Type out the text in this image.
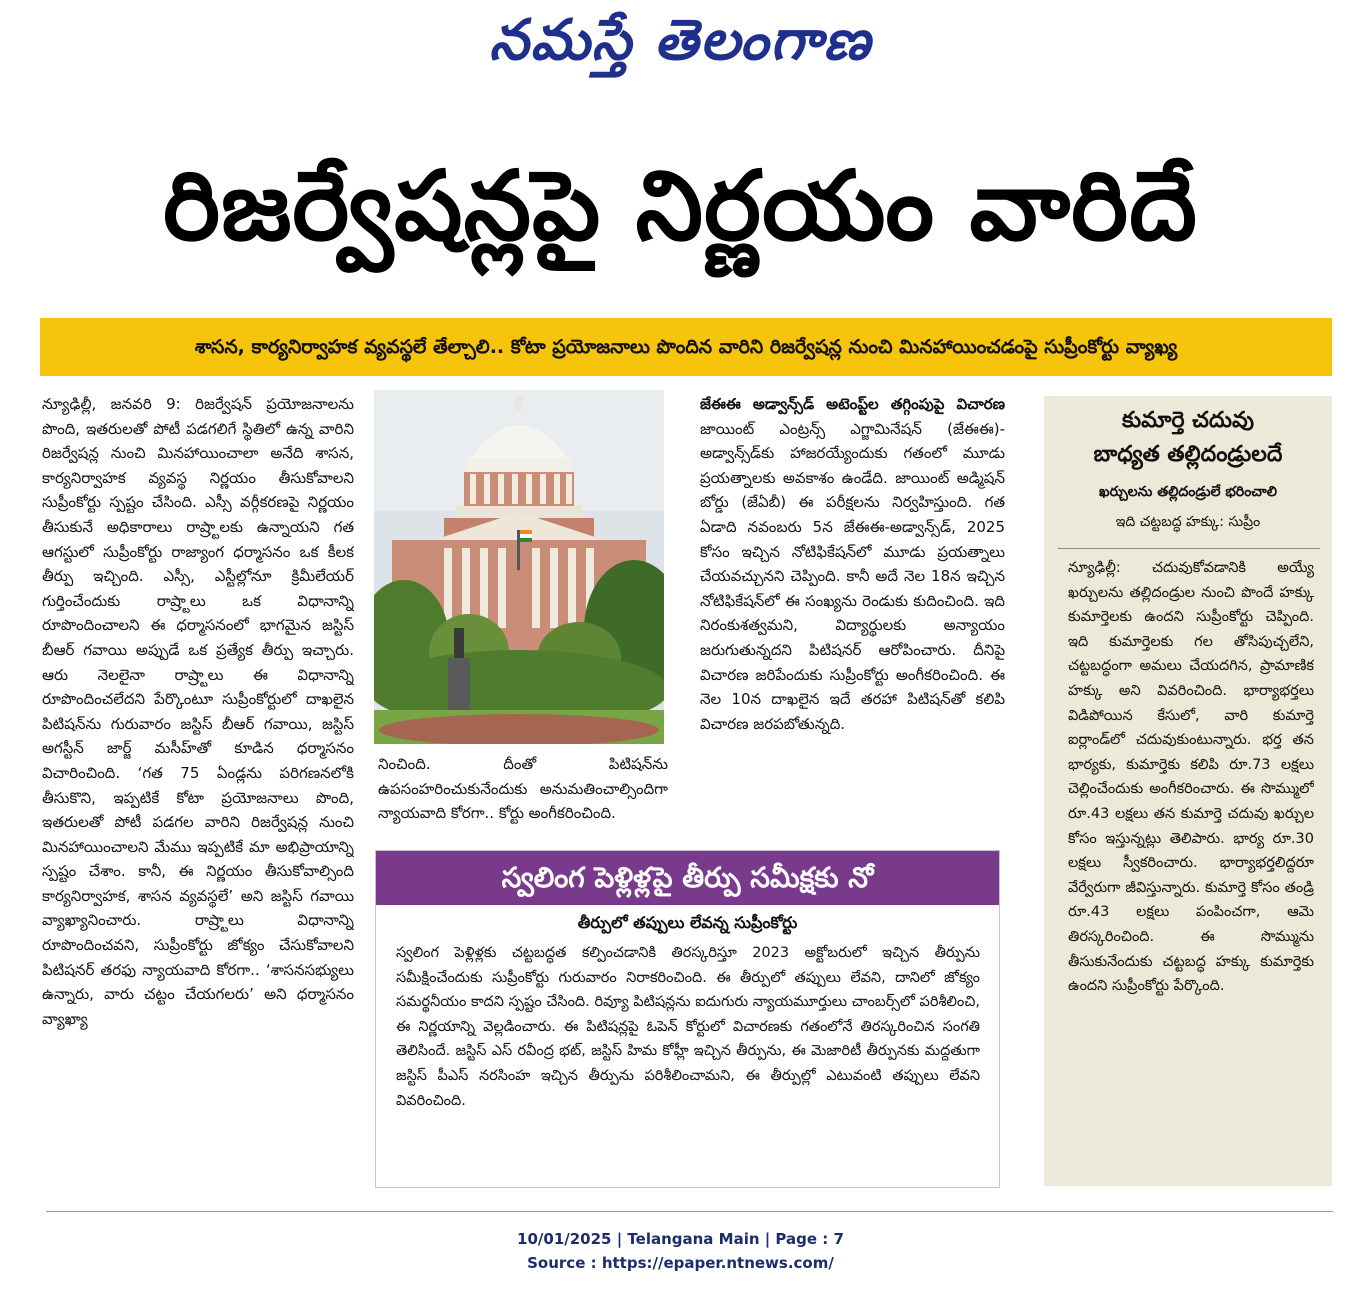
నమస్తే తెలంగాణ
రిజర్వేషన్లపై నిర్ణయం వారిదే
శాసన, కార్యనిర్వాహక వ్యవస్థలే తేల్చాలి.. కోటా ప్రయోజనాలు పొందిన వారిని రిజర్వేషన్ల నుంచి మినహాయించడంపై సుప్రీంకోర్టు వ్యాఖ్య
న్యూఢిల్లీ, జనవరి 9: రిజర్వేషన్ ప్రయోజనాలను పొంది, ఇతరులతో పోటీ పడగలిగే స్థితిలో ఉన్న వారిని రిజర్వేషన్ల నుంచి మినహాయించాలా అనేది శాసన, కార్యనిర్వాహక వ్యవస్థ నిర్ణయం తీసుకోవాలని సుప్రీంకోర్టు స్పష్టం చేసింది. ఎస్సీ వర్గీకరణపై నిర్ణయం తీసుకునే అధికారాలు రాష్ర్టాలకు ఉన్నాయని గత ఆగస్టులో సుప్రీంకోర్టు రాజ్యాంగ ధర్మాసనం ఒక కీలక తీర్పు ఇచ్చింది. ఎస్సీ, ఎస్టీల్లోనూ క్రిమీలేయర్ గుర్తించేందుకు రాష్ర్టాలు ఒక విధానాన్ని రూపొందించాలని ఈ ధర్మాసనంలో భాగమైన జస్టిస్ బీఆర్ గవాయి అప్పుడే ఒక ప్రత్యేక తీర్పు ఇచ్చారు. ఆరు నెలలైనా రాష్ర్టాలు ఈ విధానాన్ని రూపొందించలేదని పేర్కొంటూ సుప్రీంకోర్టులో దాఖలైన పిటిషన్‌ను గురువారం జస్టిస్ బీఆర్ గవాయి, జస్టిస్ అగస్టీన్ జార్జ్ మసీహ్‌తో కూడిన ధర్మాసనం విచారించింది. ‘గత 75 ఏండ్లను పరిగణనలోకి తీసుకొని, ఇప్పటికే కోటా ప్రయోజనాలు పొంది, ఇతరులతో పోటీ పడగల వారిని రిజర్వేషన్ల నుంచి మినహాయించాలని మేము ఇప్పటికే మా అభిప్రాయాన్ని స్పష్టం చేశాం. కానీ, ఈ నిర్ణయం తీసుకోవాల్సింది కార్యనిర్వాహక, శాసన వ్యవస్థలే’ అని జస్టిస్ గవాయి వ్యాఖ్యానించారు. రాష్ర్టాలు విధానాన్ని రూపొందించవని, సుప్రీంకోర్టు జోక్యం చేసుకోవాలని పిటిషనర్ తరఫు న్యాయవాది కోరగా.. ‘శాసనసభ్యులు ఉన్నారు, వారు చట్టం చేయగలరు’ అని ధర్మాసనం వ్యాఖ్యా
నించింది. దీంతో పిటిషన్‌ను ఉపసంహరించుకునేందుకు అనుమతించాల్సిందిగా న్యాయవాది కోరగా.. కోర్టు అంగీకరించింది.
జేఈఈ అడ్వాన్స్‌డ్ అటెంప్ట్‌ల తగ్గింపుపై విచారణ జాయింట్ ఎంట్రన్స్ ఎగ్జామినేషన్ (జేఈఈ)-అడ్వాన్స్‌డ్‌కు హాజరయ్యేందుకు గతంలో మూడు ప్రయత్నాలకు అవకాశం ఉండేది. జాయింట్ అడ్మిషన్ బోర్డు (జేఏబీ) ఈ పరీక్షలను నిర్వహిస్తుంది. గత ఏడాది నవంబరు 5న జేఈఈ-అడ్వాన్స్‌డ్, 2025 కోసం ఇచ్చిన నోటిఫికేషన్‌లో మూడు ప్రయత్నాలు చేయవచ్చునని చెప్పింది. కానీ అదే నెల 18న ఇచ్చిన నోటిఫికేషన్‌లో ఈ సంఖ్యను రెండుకు కుదించింది. ఇది నిరంకుశత్వమని, విద్యార్థులకు అన్యాయం జరుగుతున్నదని పిటిషనర్ ఆరోపించారు. దీనిపై విచారణ జరిపేందుకు సుప్రీంకోర్టు అంగీకరించింది. ఈ నెల 10న దాఖలైన ఇదే తరహా పిటిషన్‌తో కలిపి విచారణ జరపబోతున్నది.
కుమార్తె చదువు
బాధ్యత తల్లిదండ్రులదే
ఖర్చులను తల్లిదండ్రులే భరించాలి
ఇది చట్టబద్ధ హక్కు: సుప్రీం
న్యూఢిల్లీ: చదువుకోవడానికి అయ్యే ఖర్చులను తల్లిదండ్రుల నుంచి పొందే హక్కు కుమార్తెలకు ఉందని సుప్రీంకోర్టు చెప్పింది. ఇది కుమార్తెలకు గల తోసిపుచ్చలేని, చట్టబద్ధంగా అమలు చేయదగిన, ప్రామాణిక హక్కు అని వివరించింది. భార్యాభర్తలు విడిపోయిన కేసులో, వారి కుమార్తె ఐర్లాండ్‌లో చదువుకుంటున్నారు. భర్త తన భార్యకు, కుమార్తెకు కలిపి రూ.73 లక్షలు చెల్లించేందుకు అంగీకరించారు. ఈ సొమ్ములో రూ.43 లక్షలు తన కుమార్తె చదువు ఖర్చుల కోసం ఇస్తున్నట్లు తెలిపారు. భార్య రూ.30 లక్షలు స్వీకరించారు. భార్యాభర్తలిద్దరూ వేర్వేరుగా జీవిస్తున్నారు. కుమార్తె కోసం తండ్రి రూ.43 లక్షలు పంపించగా, ఆమె తిరస్కరించింది. ఈ సొమ్మును తీసుకునేందుకు చట్టబద్ధ హక్కు కుమార్తెకు ఉందని సుప్రీంకోర్టు పేర్కొంది.
స్వలింగ పెళ్లిళ్లపై తీర్పు సమీక్షకు నో
తీర్పులో తప్పులు లేవన్న సుప్రీంకోర్టు
స్వలింగ పెళ్లిళ్లకు చట్టబద్ధత కల్పించడానికి తిరస్కరిస్తూ 2023 అక్టోబరులో ఇచ్చిన తీర్పును సమీక్షించేందుకు సుప్రీంకోర్టు గురువారం నిరాకరించింది. ఈ తీర్పులో తప్పులు లేవని, దానిలో జోక్యం సమర్థనీయం కాదని స్పష్టం చేసింది. రివ్యూ పిటిషన్లను ఐదుగురు న్యాయమూర్తులు చాంబర్స్‌లో పరిశీలించి, ఈ నిర్ణయాన్ని వెల్లడించారు. ఈ పిటిషన్లపై ఓపెన్ కోర్టులో విచారణకు గతంలోనే తిరస్కరించిన సంగతి తెలిసిందే. జస్టిస్ ఎస్ రవీంద్ర భట్, జస్టిస్ హిమ కోహ్లీ ఇచ్చిన తీర్పును, ఈ మెజారిటీ తీర్పునకు మద్దతుగా జస్టిస్ పీఎస్ నరసింహ ఇచ్చిన తీర్పును పరిశీలించామని, ఈ తీర్పుల్లో ఎటువంటి తప్పులు లేవని వివరించింది.
10/01/2025 | Telangana Main | Page : 7
Source : https://epaper.ntnews.com/
